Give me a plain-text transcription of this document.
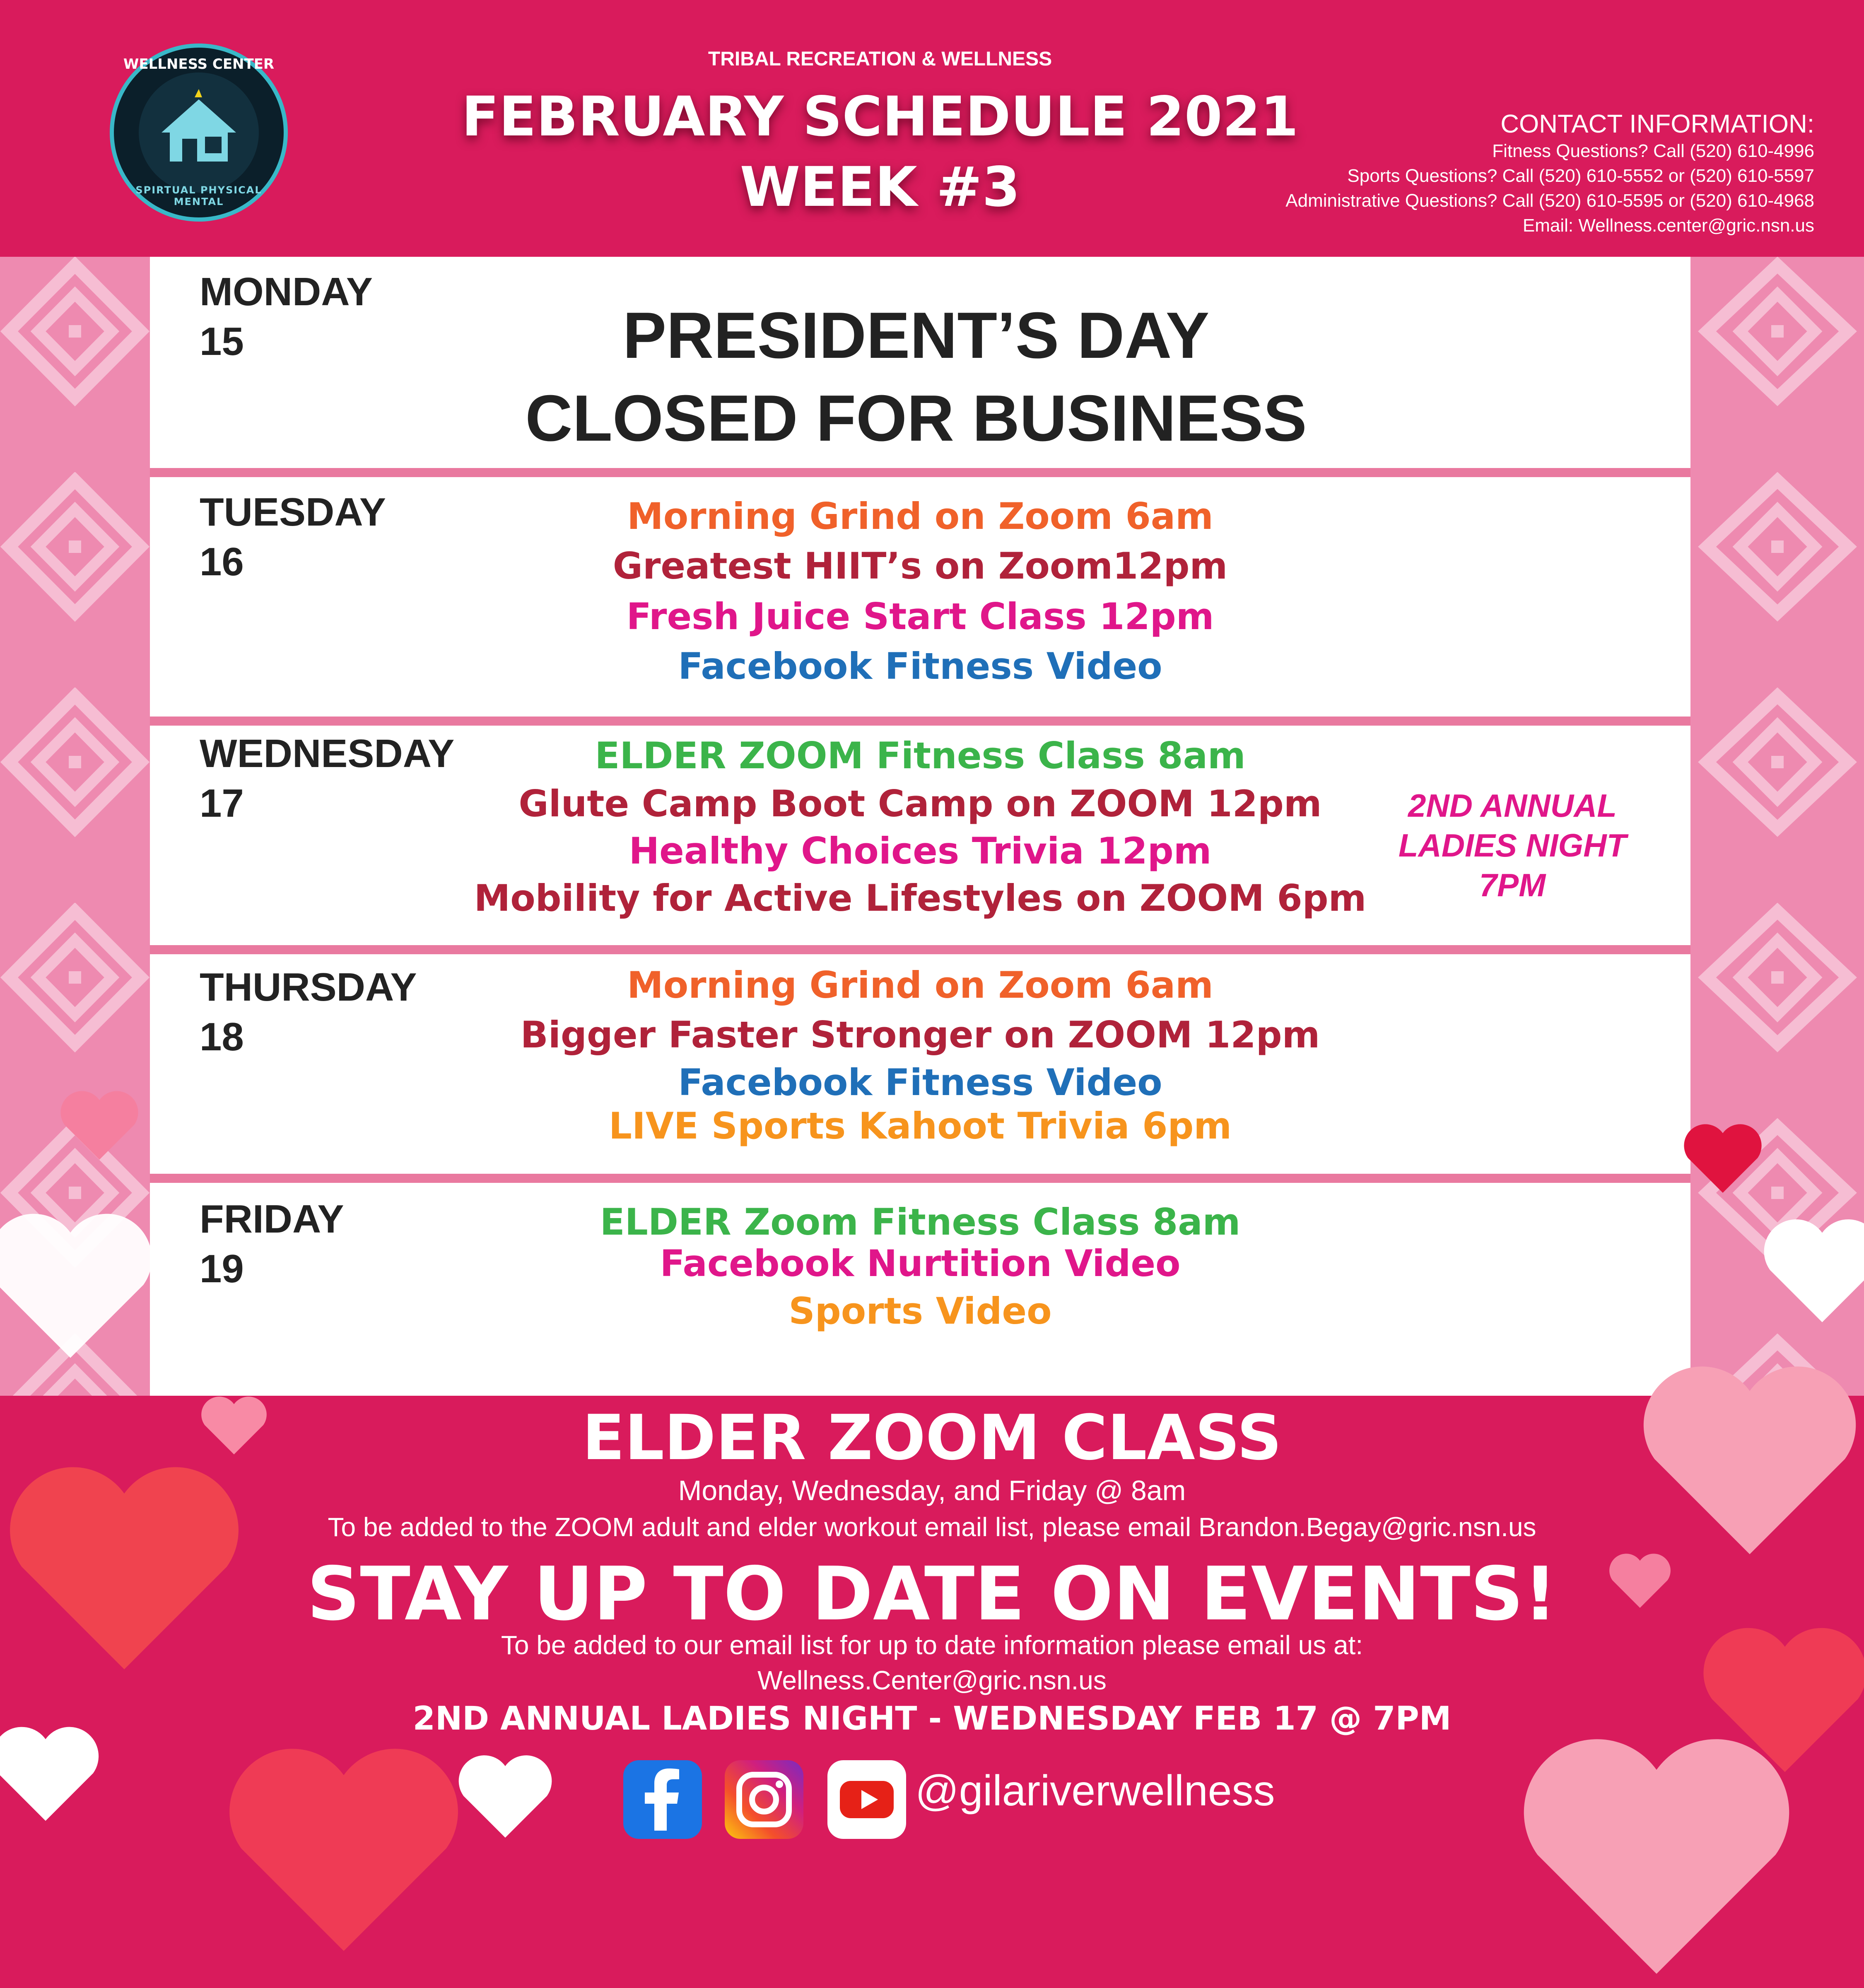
WELLNESS CENTER
SPIRTUAL PHYSICAL MENTAL
TRIBAL RECREATION & WELLNESS
FEBRUARY SCHEDULE 2021
WEEK #3
CONTACT INFORMATION:
Fitness Questions? Call (520) 610-4996
Sports Questions? Call (520) 610-5552 or (520) 610-5597
Administrative Questions? Call (520) 610-5595 or (520) 610-4968
Email: Wellness.center@gric.nsn.us
MONDAY
15	PRESIDENT’S DAY
CLOSED FOR BUSINESS
TUESDAY
16
Morning Grind on Zoom 6am
Greatest HIIT’s on Zoom12pm
Fresh Juice Start Class 12pm
Facebook Fitness Video
WEDNESDAY
17
ELDER ZOOM Fitness Class 8am
Glute Camp Boot Camp on ZOOM 12pm
Healthy Choices Trivia 12pm
Mobility for Active Lifestyles on ZOOM 6pm
2ND ANNUAL
LADIES NIGHT
7PM
THURSDAY
18
Morning Grind on Zoom 6am
Bigger Faster Stronger on ZOOM 12pm
Facebook Fitness Video
LIVE Sports Kahoot Trivia 6pm
FRIDAY
19
ELDER Zoom Fitness Class 8am
Facebook Nurtition Video
Sports Video
ELDER ZOOM CLASS
Monday, Wednesday, and Friday @ 8am
To be added to the ZOOM adult and elder workout email list, please email Brandon.Begay@gric.nsn.us
STAY UP TO DATE ON EVENTS!
To be added to our email list for up to date information please email us at:
Wellness.Center@gric.nsn.us
2ND ANNUAL LADIES NIGHT - WEDNESDAY FEB 17 @ 7PM
@gilariverwellness
